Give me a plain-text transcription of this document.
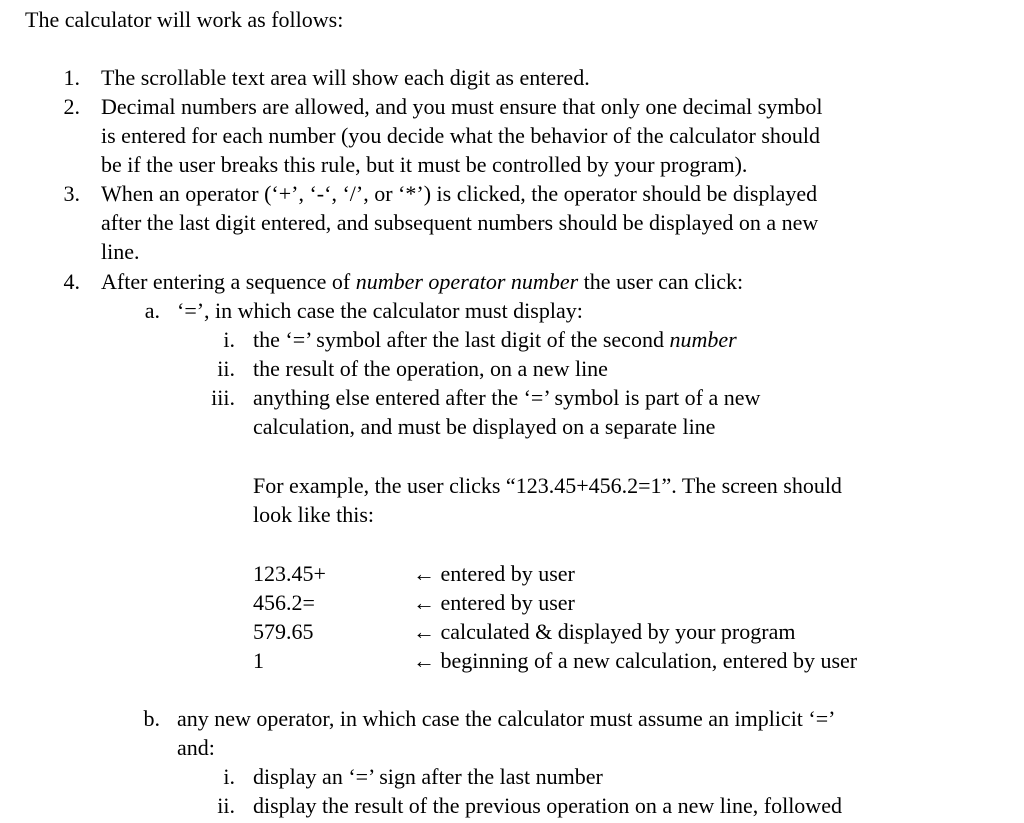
The calculator will work as follows:
1. The scrollable text area will show each digit as entered.
2. Decimal numbers are allowed, and you must ensure that only one decimal symbol
is entered for each number (you decide what the behavior of the calculator should
be if the user breaks this rule, but it must be controlled by your program).
3. When an operator (‘+’, ‘-‘, ‘/’, or ‘*’) is clicked, the operator should be displayed
after the last digit entered, and subsequent numbers should be displayed on a new
line.
4. After entering a sequence of number operator number the user can click:
a. ‘=’, in which case the calculator must display:
i. the ‘=’ symbol after the last digit of the second number
ii. the result of the operation, on a new line
iii. anything else entered after the ‘=’ symbol is part of a new
calculation, and must be displayed on a separate line
For example, the user clicks “123.45+456.2=1”. The screen should
look like this:
123.45+	← entered by user
456.2=	← entered by user
579.65	← calculated & displayed by your program
1	← beginning of a new calculation, entered by user
b. any new operator, in which case the calculator must assume an implicit ‘=’
and:
i. display an ‘=’ sign after the last number
ii. display the result of the previous operation on a new line, followed
